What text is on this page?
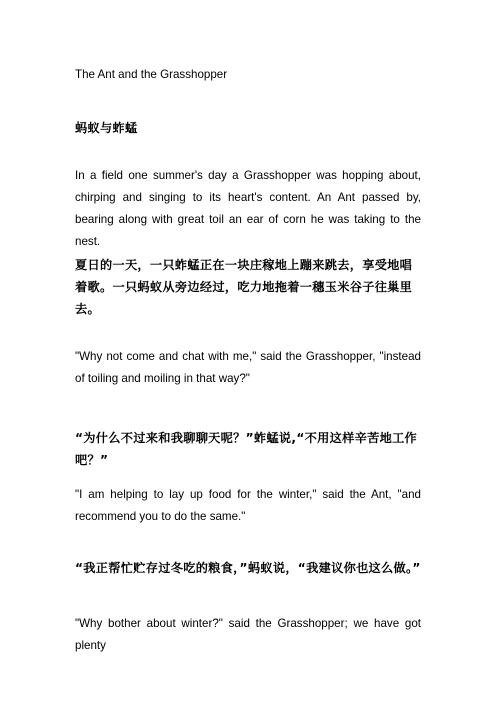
The Ant and the Grasshopper

蚂蚁与蚱蜢

In a field one summer's day a Grasshopper was hopping about, chirping and singing to its heart's content. An Ant passed by, bearing along with great toil an ear of corn he was taking to the nest.

夏日的一天，一只蚱蜢正在一块庄稼地上蹦来跳去，享受地唱着歌。一只蚂蚁从旁边经过，吃力地拖着一穗玉米谷子往巢里去。

"Why not come and chat with me," said the Grasshopper, "instead of toiling and moiling in that way?"

“为什么不过来和我聊聊天呢？”蚱蜢说,“不用这样辛苦地工作吧？”

"I am helping to lay up food for the winter," said the Ant, "and recommend you to do the same."

“我正帮忙贮存过冬吃的粮食，”蚂蚁说，“我建议你也这么做。”

"Why bother about winter?" said the Grasshopper; we have got plenty
